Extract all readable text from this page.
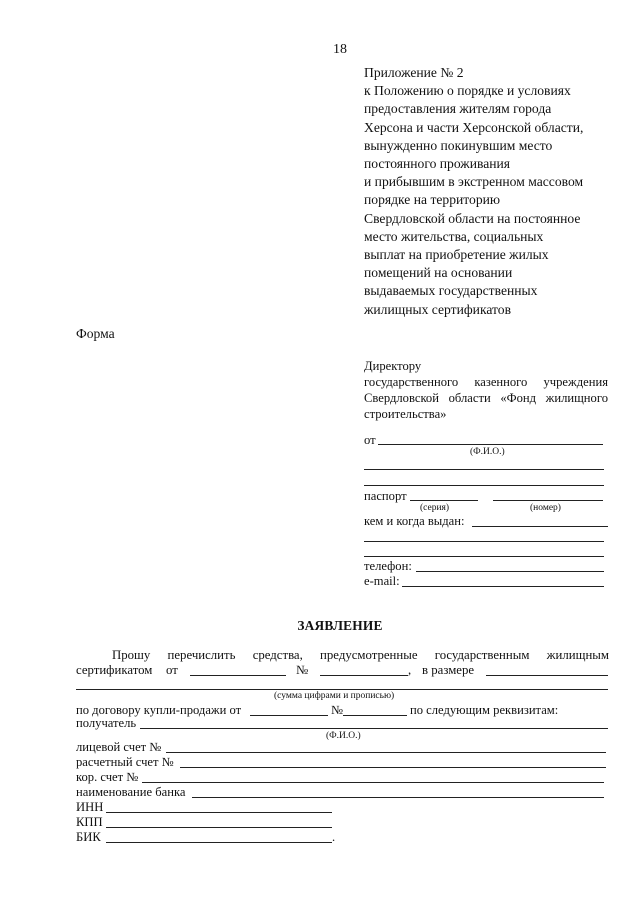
18
Приложение № 2
к Положению о порядке и условиях
предоставления жителям города
Херсона и части Херсонской области,
вынужденно покинувшим место
постоянного проживания
и прибывшим в экстренном массовом
порядке на территорию
Свердловской области на постоянное
место жительства, социальных
выплат на приобретение жилых
помещений на основании
выдаваемых государственных
жилищных сертификатов
Форма
Директору
государственного казенного учреждения
Свердловской области «Фонд жилищного
строительства»
от
(Ф.И.О.)
паспорт
(серия)	(номер)
кем и когда выдан:
телефон:
e-mail:
ЗАЯВЛЕНИЕ
Прошу перечислить средства, предусмотренные государственным жилищным
сертификатом от	№	, в размере
(сумма цифрами и прописью)
по договору купли-продажи от	№	по следующим реквизитам:
получатель
(Ф.И.О.)
лицевой счет №
расчетный счет №
кор. счет №
наименование банка
ИНН
КПП
БИК	.
